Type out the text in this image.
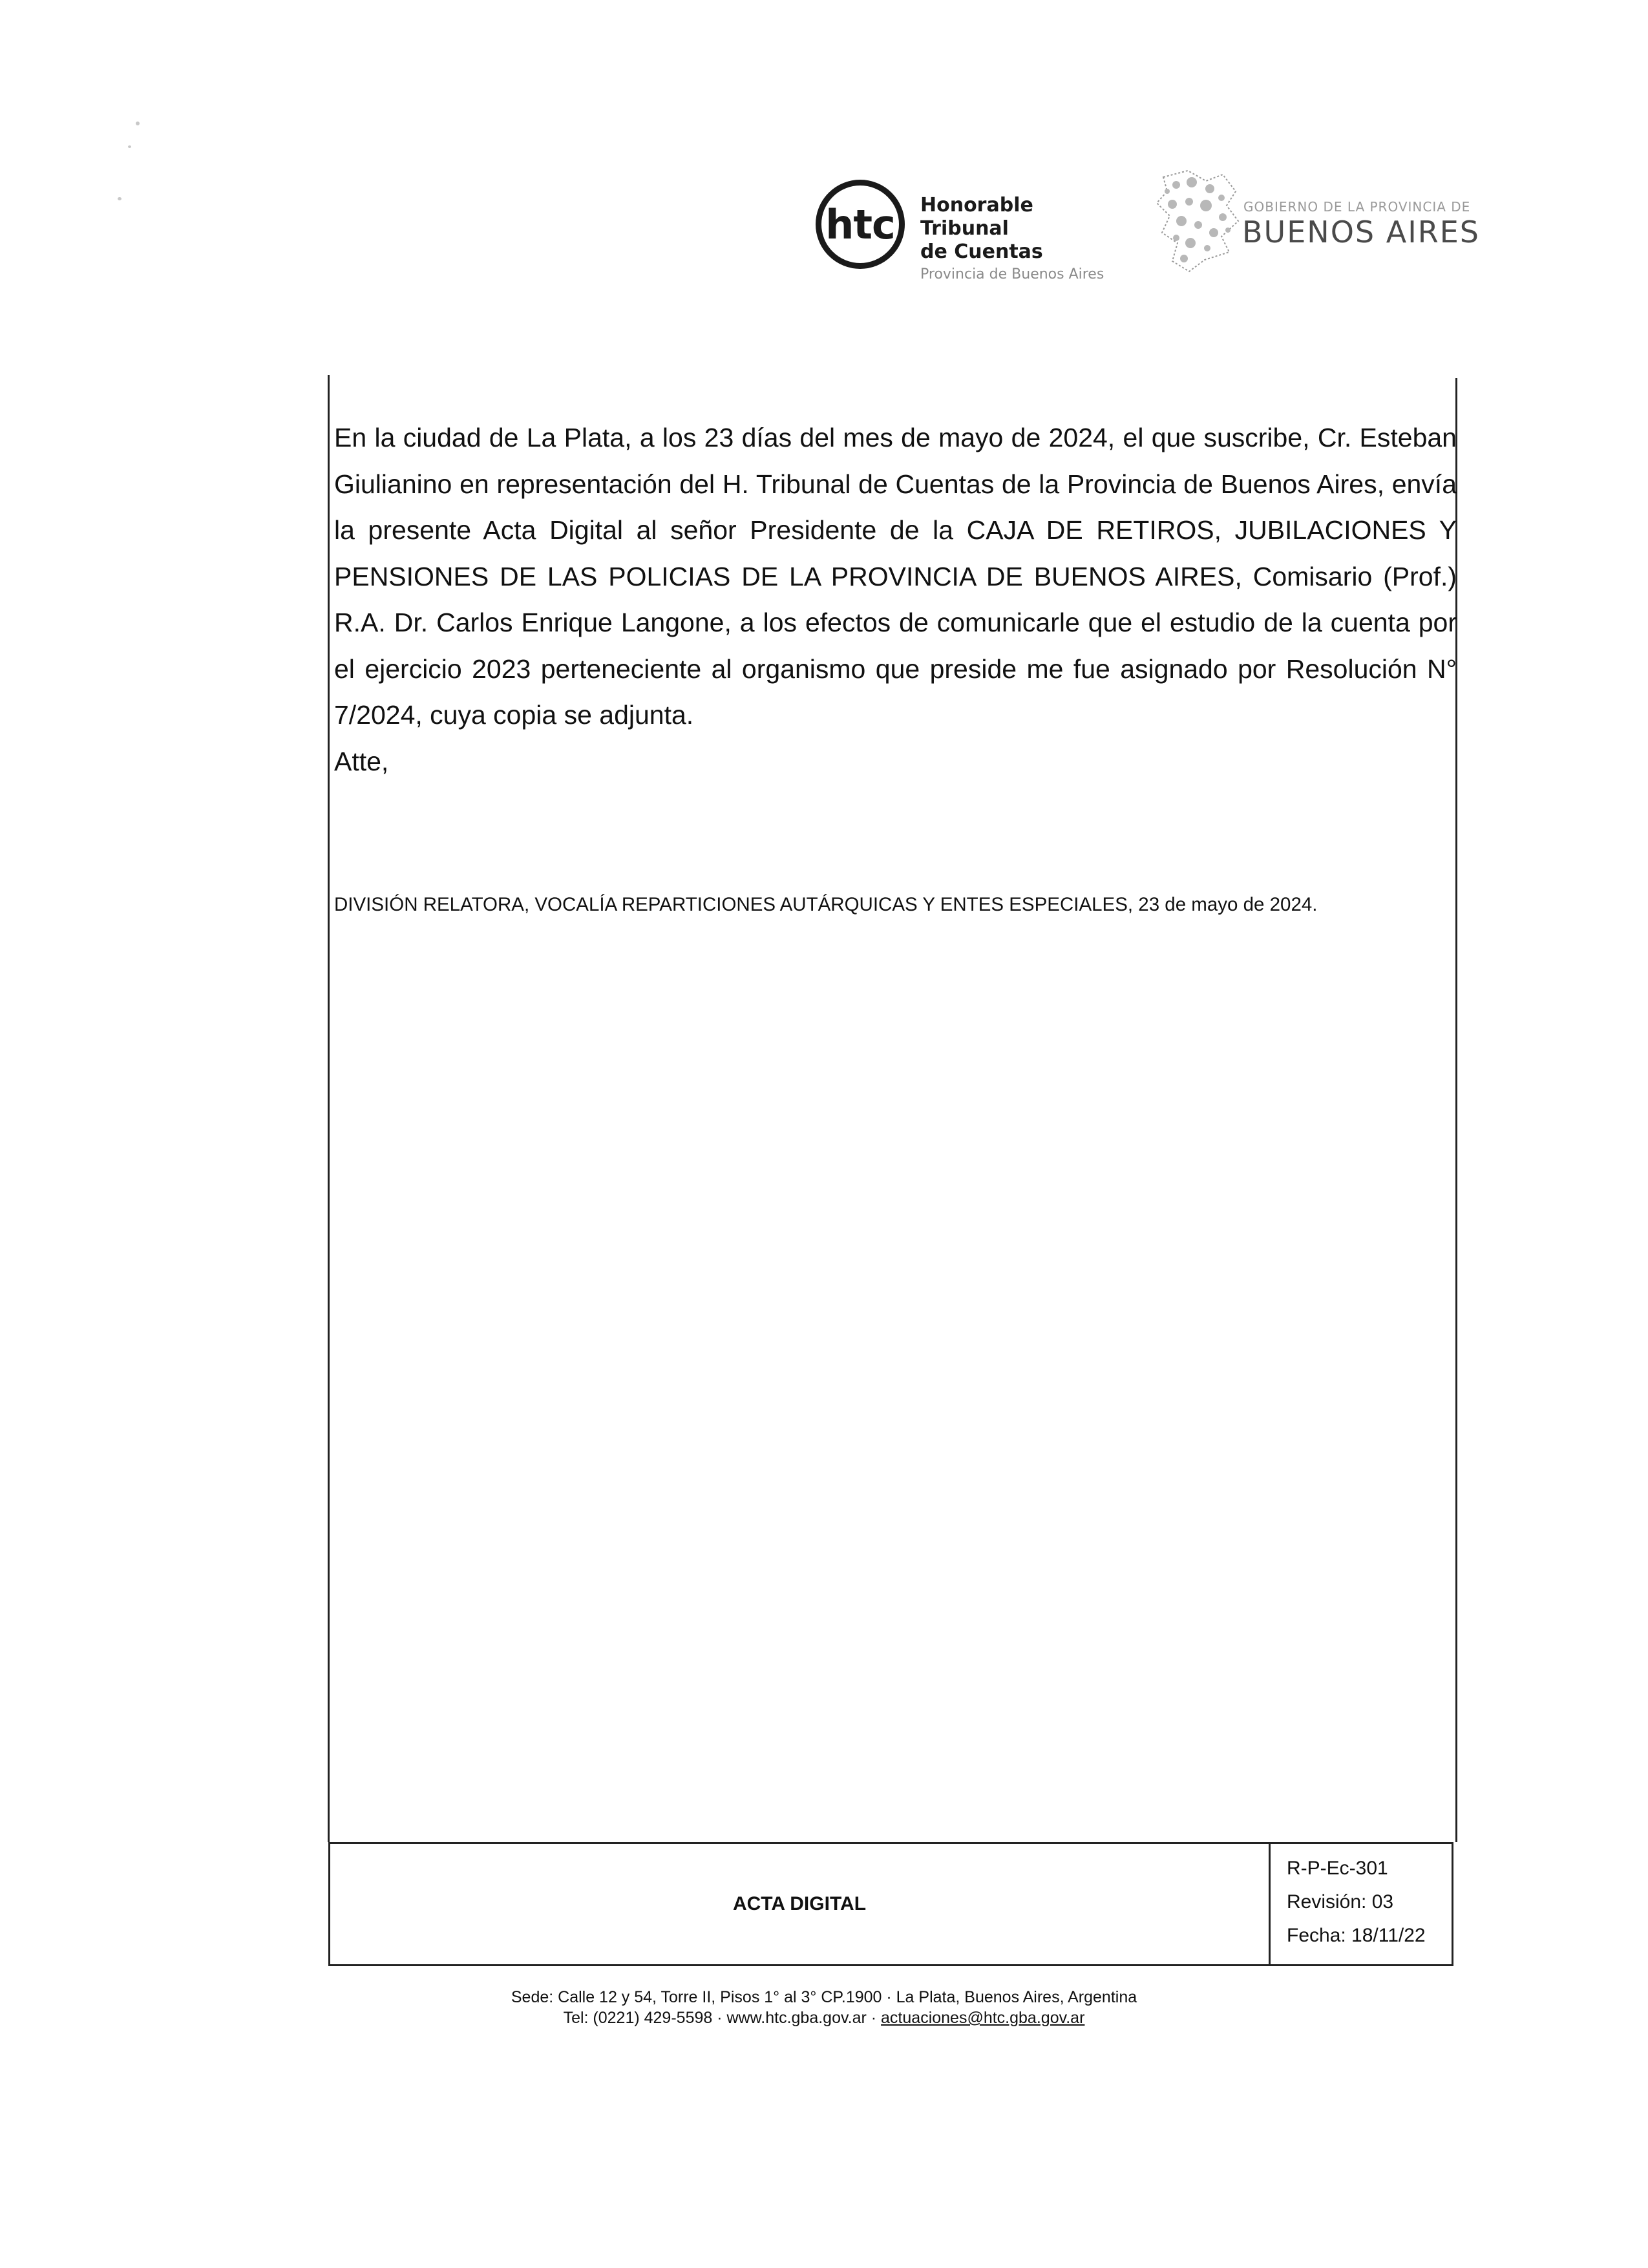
htc	Honorable Tribunal
de Cuentas
Provincia de Buenos Aires
GOBIERNO DE LA PROVINCIA DE
BUENOS AIRES

En la ciudad de La Plata, a los 23 días del mes de mayo de 2024, el que suscribe, Cr. Esteban Giulianino en representación del H. Tribunal de Cuentas de la Provincia de Buenos Aires, envía la presente Acta Digital al señor Presidente de la CAJA DE RETIROS, JUBILACIONES Y PENSIONES DE LAS POLICIAS DE LA PROVINCIA DE BUENOS AIRES, Comisario (Prof.) R.A. Dr. Carlos Enrique Langone, a los efectos de comunicarle que el estudio de la cuenta por el ejercicio 2023 perteneciente al organismo que preside me fue asignado por Resolución N° 7/2024, cuya copia se adjunta.

Atte,

DIVISIÓN RELATORA, VOCALÍA REPARTICIONES AUTÁRQUICAS Y ENTES ESPECIALES, 23 de mayo de 2024.
ACTA DIGITAL
R-P-Ec-301
Revisión: 03
Fecha: 18/11/22
Sede: Calle 12 y 54, Torre II, Pisos 1° al 3° CP.1900 · La Plata, Buenos Aires, Argentina
Tel: (0221) 429-5598 · www.htc.gba.gov.ar · actuaciones@htc.gba.gov.ar
